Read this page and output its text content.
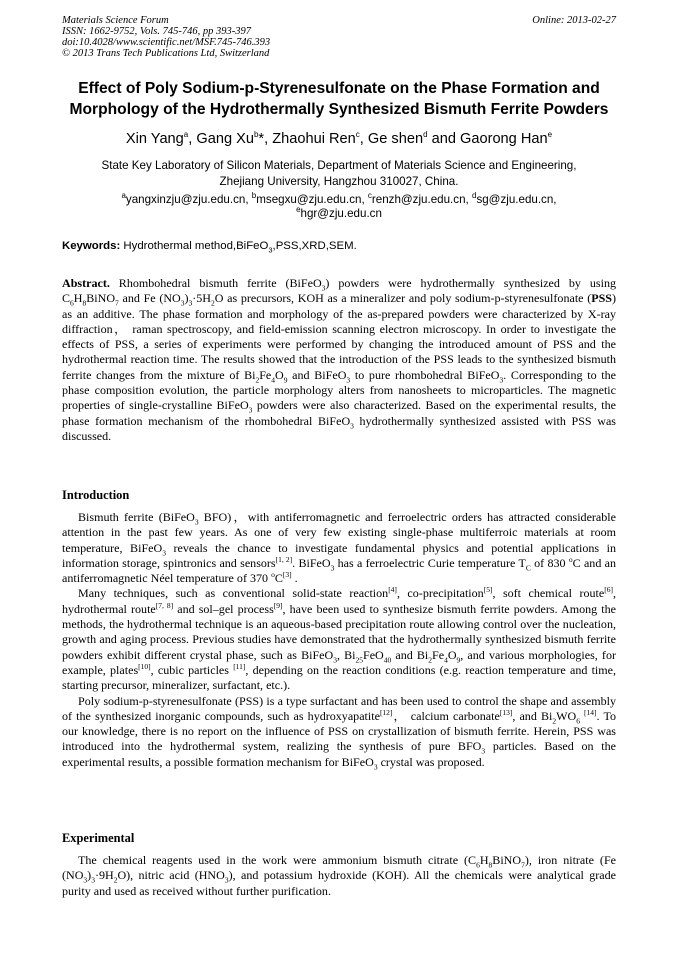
Materials Science Forum
ISSN: 1662-9752, Vols. 745-746, pp 393-397
doi:10.4028/www.scientific.net/MSF.745-746.393
© 2013 Trans Tech Publications Ltd, Switzerland
Online: 2013-02-27
Effect of Poly Sodium-p-Styrenesulfonate on the Phase Formation and
Morphology of the Hydrothermally Synthesized Bismuth Ferrite Powders
Xin Yang$^a$, Gang Xu$^b$*, Zhaohui Ren$^c$, Ge shen$^d$ and Gaorong Han$^e$
State Key Laboratory of Silicon Materials, Department of Materials Science and Engineering,
Zhejiang University, Hangzhou 310027, China.
$^a$yangxinzju@zju.edu.cn, $^b$msegxu@zju.edu.cn, $^c$renzh@zju.edu.cn, $^d$sg@zju.edu.cn,
$^e$hgr@zju.edu.cn
Keywords: Hydrothermal method,BiFeO$_3$,PSS,XRD,SEM.

Abstract. Rhombohedral bismuth ferrite (BiFeO$_3$) powders were hydrothermally synthesized by using $C_6H_8BiNO_7$ and Fe $(NO_3)_3\cdot 5H_2O$ as precursors, KOH as a mineralizer and poly sodium-p-styrenesulfonate (PSS) as an additive. The phase formation and morphology of the as-prepared powders were characterized by X-ray diffraction， raman spectroscopy, and field-emission scanning electron microscopy. In order to investigate the effects of PSS, a series of experiments were performed by changing the introduced amount of PSS and the hydrothermal reaction time. The results showed that the introduction of the PSS leads to the synthesized bismuth ferrite changes from the mixture of $Bi_2Fe_4O_9$ and BiFeO$_3$ to pure rhombohedral BiFeO$_3$. Corresponding to the phase composition evolution, the particle morphology alters from nanosheets to microparticles. The magnetic properties of single-crystalline BiFeO$_3$ powders were also characterized. Based on the experimental results, the phase formation mechanism of the rhombohedral BiFeO$_3$ hydrothermally synthesized assisted with PSS was discussed.

Introduction

Bismuth ferrite (BiFeO$_3$ BFO)，with antiferromagnetic and ferroelectric orders has attracted considerable attention in the past few years. As one of very few existing single-phase multiferroic materials at room temperature, BiFeO$_3$ reveals the chance to investigate fundamental physics and potential applications in information storage, spintronics and sensors[1, 2]. BiFeO$_3$ has a ferroelectric Curie temperature $T_C$ of 830 $^o$C and an antiferromagnetic Néel temperature of 370 $^o$C[3] .

Many techniques, such as conventional solid-state reaction[4], co-precipitation[5], soft chemical route[6], hydrothermal route[7, 8] and sol–gel process[9], have been used to synthesize bismuth ferrite powders. Among the methods, the hydrothermal technique is an aqueous-based precipitation route allowing control over the nucleation, growth and aging process. Previous studies have demonstrated that the hydrothermally synthesized bismuth ferrite powders exhibit different crystal phase, such as BiFeO$_3$, $Bi_{25}FeO_{40}$ and $Bi_2Fe_4O_9$, and various morphologies, for example, plates[10], cubic particles [11], depending on the reaction conditions (e.g. reaction temperature and time, starting precursor, mineralizer, surfactant, etc.).

Poly sodium-p-styrenesulfonate (PSS) is a type surfactant and has been used to control the shape and assembly of the synthesized inorganic compounds, such as hydroxyapatite[12]， calcium carbonate[13], and $Bi_2WO_6$ [14]. To our knowledge, there is no report on the influence of PSS on crystallization of bismuth ferrite. Herein, PSS was introduced into the hydrothermal system, realizing the synthesis of pure $BFO_3$ particles. Based on the experimental results, a possible formation mechanism for BiFeO$_3$ crystal was proposed.

Experimental

The chemical reagents used in the work were ammonium bismuth citrate $(C_6H_8BiNO_7)$, iron nitrate (Fe $(NO_3)_3\cdot 9H_2O$), nitric acid $(HNO_3)$, and potassium hydroxide (KOH). All the chemicals were analytical grade purity and used as received without further purification.
